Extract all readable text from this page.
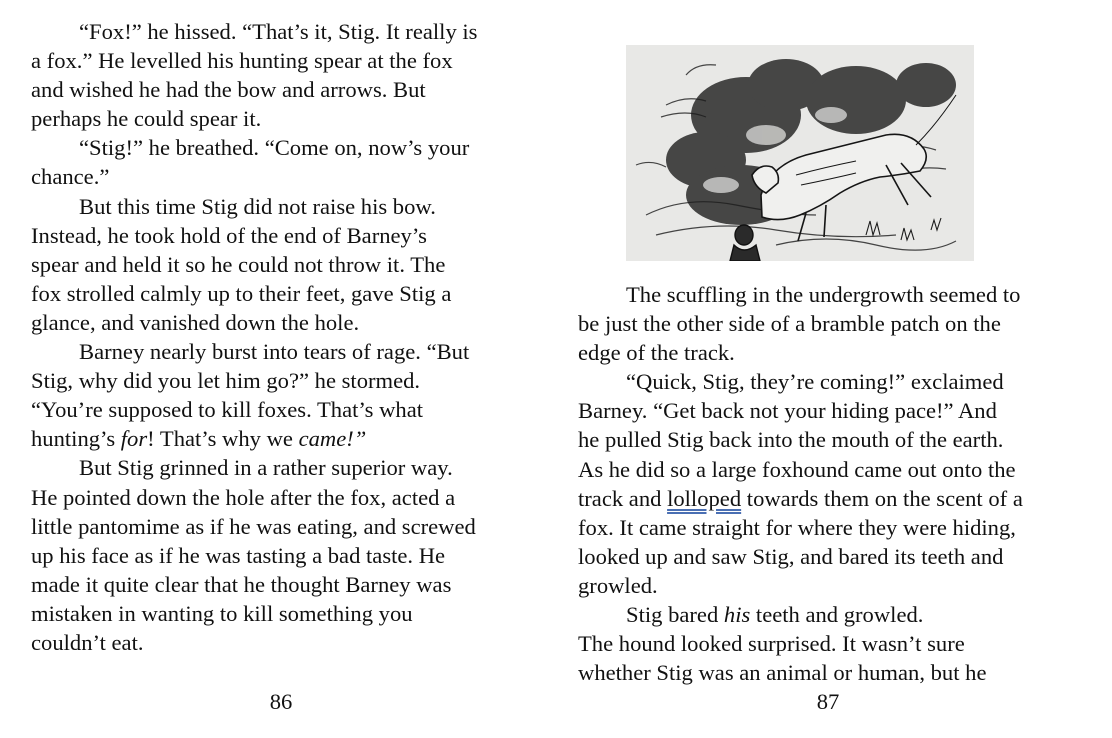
“Fox!” he hissed. “That’s it, Stig. It really is
a fox.” He levelled his hunting spear at the fox
and wished he had the bow and arrows. But
perhaps he could spear it.
“Stig!” he breathed. “Come on, now’s your
chance.”
But this time Stig did not raise his bow.
Instead, he took hold of the end of Barney’s
spear and held it so he could not throw it. The
fox strolled calmly up to their feet, gave Stig a
glance, and vanished down the hole.
Barney nearly burst into tears of rage. “But
Stig, why did you let him go?” he stormed.
“You’re supposed to kill foxes. That’s what
hunting’s for! That’s why we came!”
But Stig grinned in a rather superior way.
He pointed down the hole after the fox, acted a
little pantomime as if he was eating, and screwed
up his face as if he was tasting a bad taste. He
made it quite clear that he thought Barney was
mistaken in wanting to kill something you
couldn’t eat.
86
The scuffling in the undergrowth seemed to
be just the other side of a bramble patch on the
edge of the track.
“Quick, Stig, they’re coming!” exclaimed
Barney. “Get back not your hiding pace!” And
he pulled Stig back into the mouth of the earth.
As he did so a large foxhound came out onto the
track and lolloped towards them on the scent of a
fox. It came straight for where they were hiding,
looked up and saw Stig, and bared its teeth and
growled.
Stig bared his teeth and growled.
The hound looked surprised. It wasn’t sure
whether Stig was an animal or human, but he
87
